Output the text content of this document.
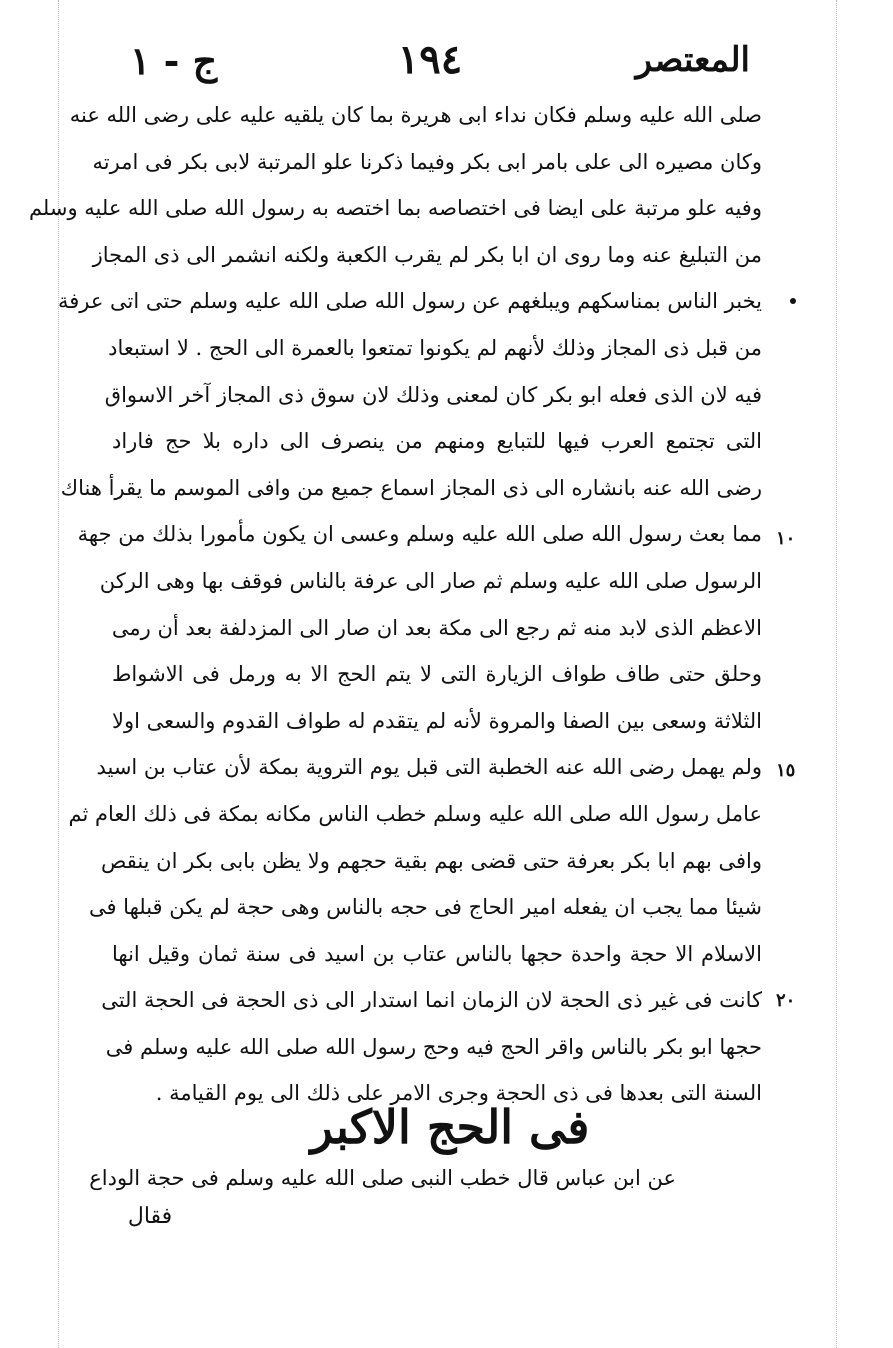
المعتصر
١٩٤
ج - ١
١٠
١٥
٢٠
صلى الله عليه وسلم فكان نداء ابى هريرة بما كان يلقيه عليه على رضى الله عنه
وكان مصيره الى على بامر ابى بكر وفيما ذكرنا علو المرتبة لابى بكر فى امرته
وفيه علو مرتبة على ايضا فى اختصاصه بما اختصه به رسول الله صلى الله عليه وسلم
من التبليغ عنه وما روى ان ابا بكر لم يقرب الكعبة ولكنه انشمر الى ذى المجاز
يخبر الناس بمناسكهم ويبلغهم عن رسول الله صلى الله عليه وسلم حتى اتى عرفة
من قبل ذى المجاز وذلك لأنهم لم يكونوا تمتعوا بالعمرة الى الحج . لا استبعاد
فيه لان الذى فعله ابو بكر كان لمعنى وذلك لان سوق ذى المجاز آخر الاسواق
التى تجتمع العرب فيها للتبايع ومنهم من ينصرف الى داره بلا حج فاراد
رضى الله عنه بانشاره الى ذى المجاز اسماع جميع من وافى الموسم ما يقرأ هناك
مما بعث رسول الله صلى الله عليه وسلم وعسى ان يكون مأمورا بذلك من جهة
الرسول صلى الله عليه وسلم ثم صار الى عرفة بالناس فوقف بها وهى الركن
الاعظم الذى لابد منه ثم رجع الى مكة بعد ان صار الى المزدلفة بعد أن رمى
وحلق حتى طاف طواف الزيارة التى لا يتم الحج الا به ورمل فى الاشواط
الثلاثة وسعى بين الصفا والمروة لأنه لم يتقدم له طواف القدوم والسعى اولا
ولم يهمل رضى الله عنه الخطبة التى قبل يوم التروية بمكة لأن عتاب بن اسيد
عامل رسول الله صلى الله عليه وسلم خطب الناس مكانه بمكة فى ذلك العام ثم
وافى بهم ابا بكر بعرفة حتى قضى بهم بقية حجهم ولا يظن بابى بكر ان ينقص
شيئا مما يجب ان يفعله امير الحاج فى حجه بالناس وهى حجة لم يكن قبلها فى
الاسلام الا حجة واحدة حجها بالناس عتاب بن اسيد فى سنة ثمان وقيل انها
كانت فى غير ذى الحجة لان الزمان انما استدار الى ذى الحجة فى الحجة التى
حجها ابو بكر بالناس واقر الحج فيه وحج رسول الله صلى الله عليه وسلم فى
السنة التى بعدها فى ذى الحجة وجرى الامر على ذلك الى يوم القيامة .
فى الحج الاكبر
عن ابن عباس قال خطب النبى صلى الله عليه وسلم فى حجة الوداع
فقال
